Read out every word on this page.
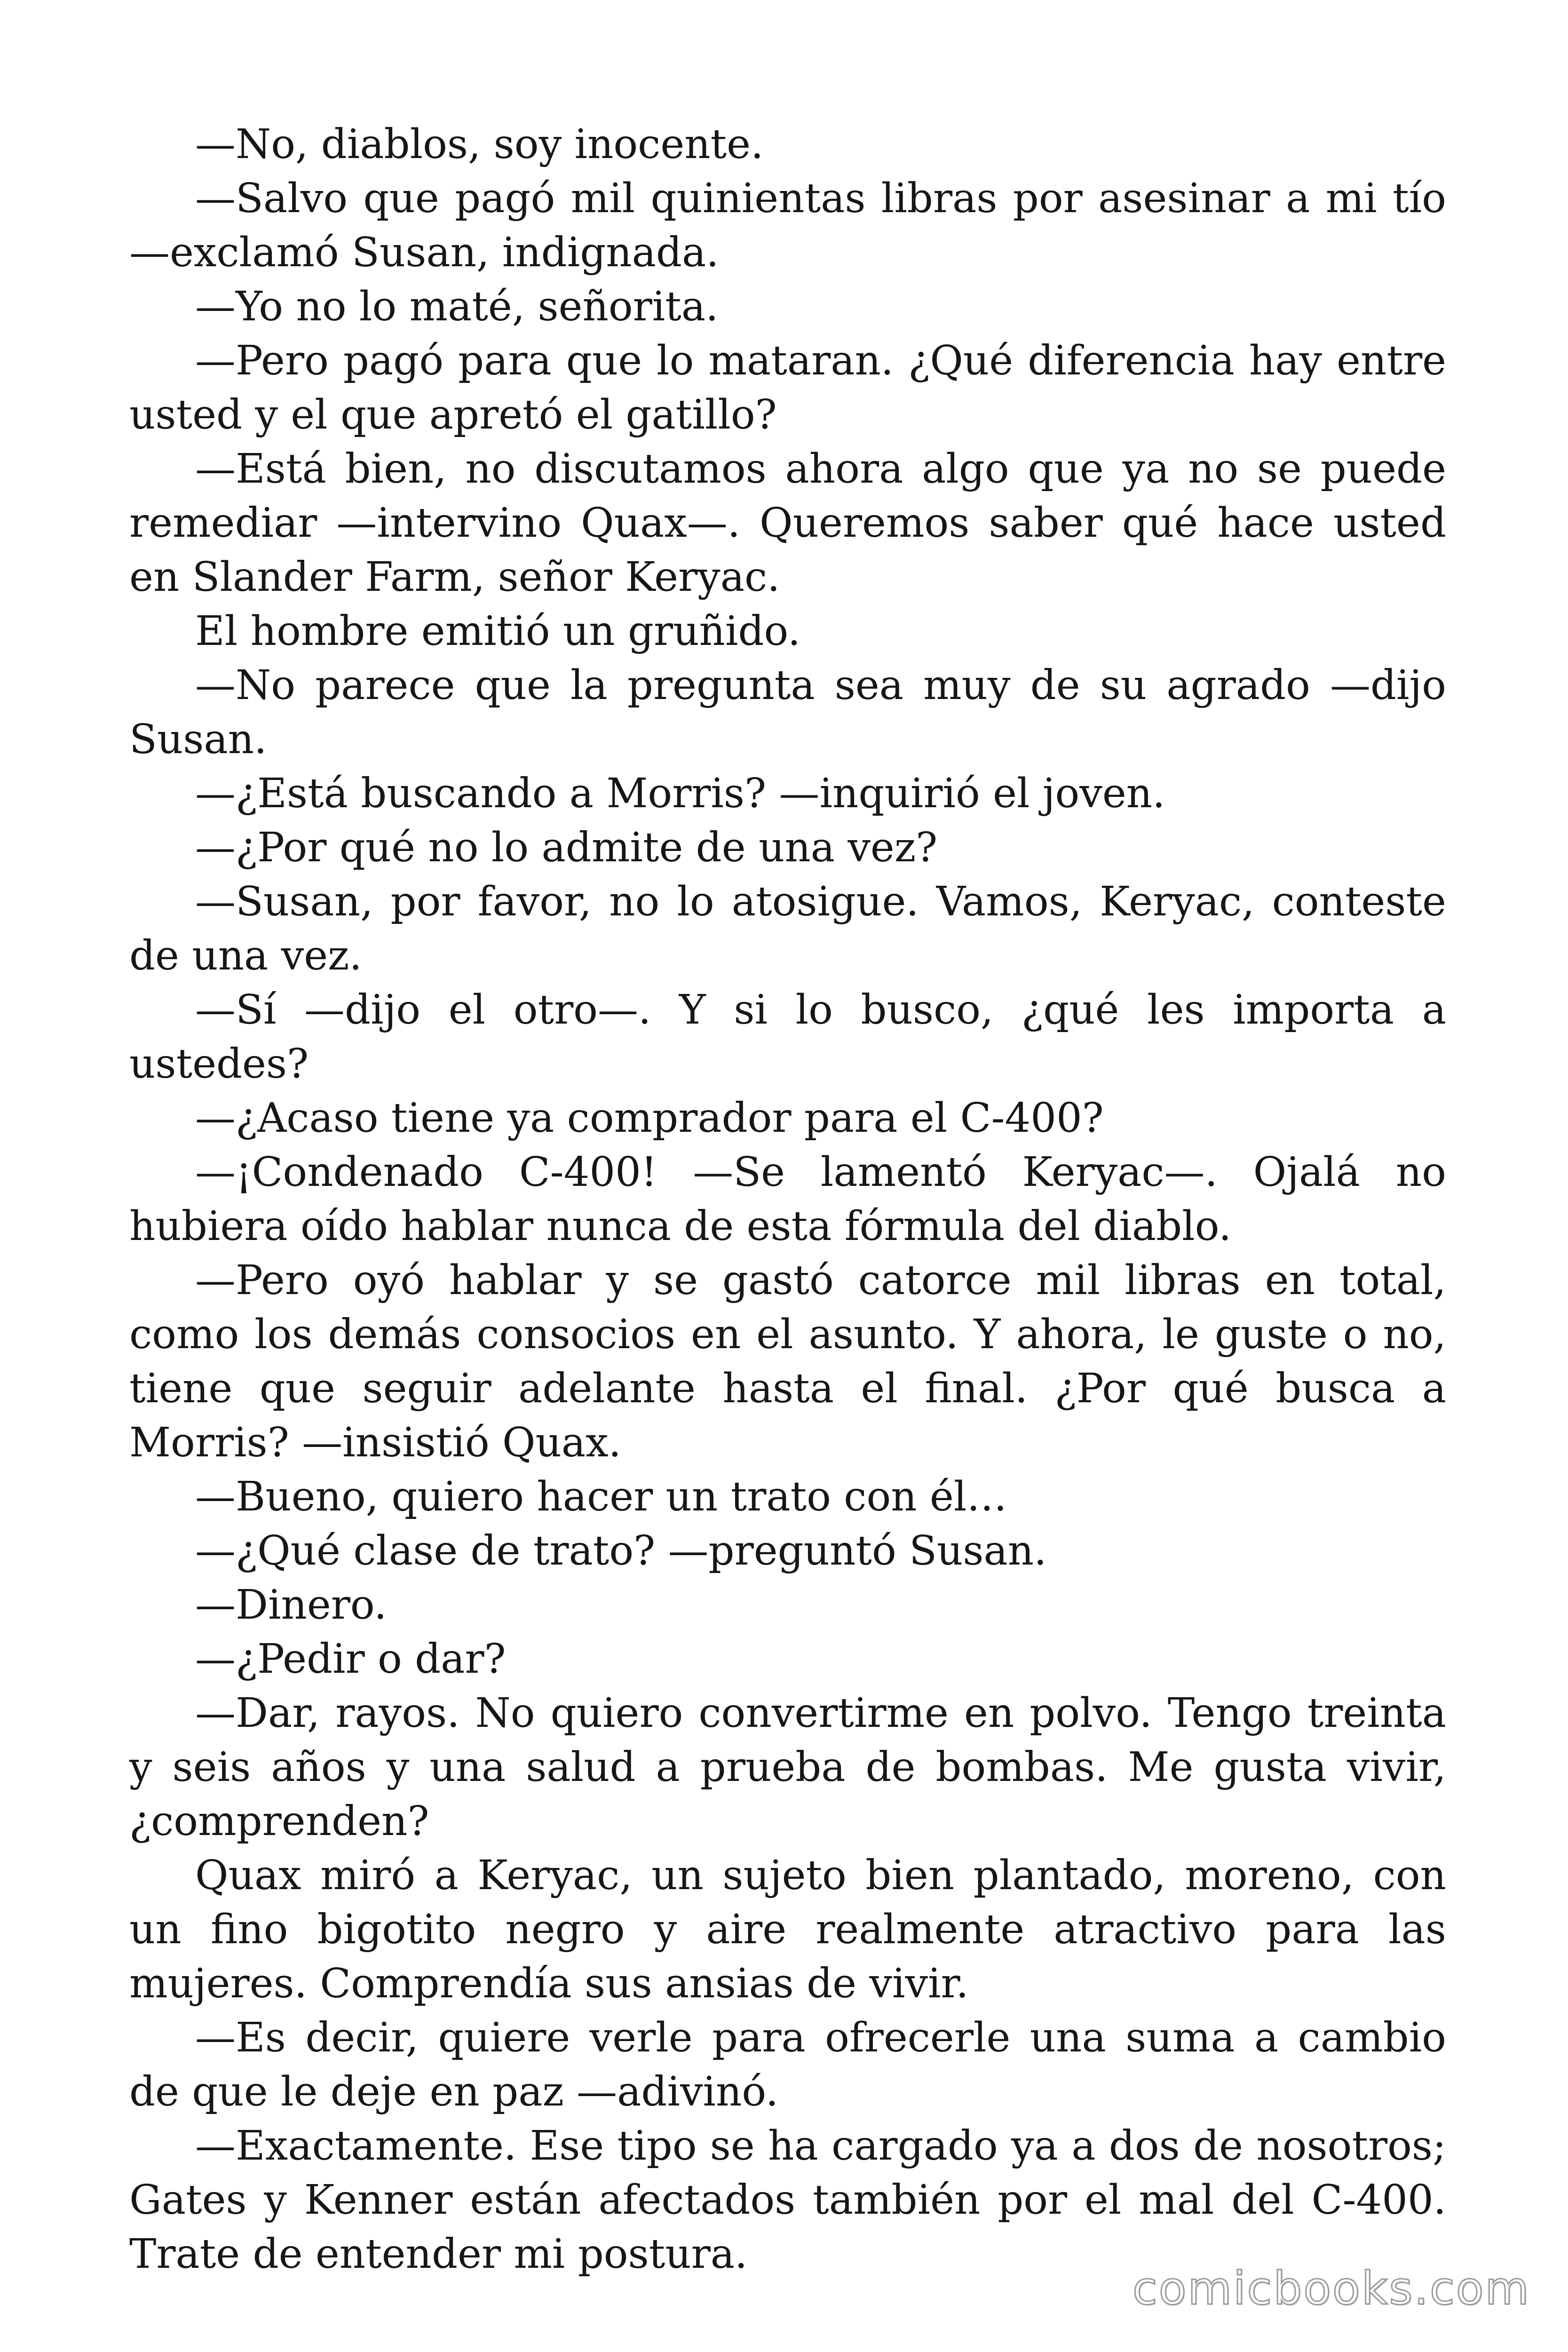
—No, diablos, soy inocente.

—Salvo que pagó mil quinientas libras por asesinar a mi tío —exclamó Susan, indignada.

—Yo no lo maté, señorita.

—Pero pagó para que lo mataran. ¿Qué diferencia hay entre usted y el que apretó el gatillo?

—Está bien, no discutamos ahora algo que ya no se puede remediar —intervino Quax—. Queremos saber qué hace usted en Slander Farm, señor Keryac.

El hombre emitió un gruñido.

—No parece que la pregunta sea muy de su agrado —dijo Susan.

—¿Está buscando a Morris? —inquirió el joven.

—¿Por qué no lo admite de una vez?

—Susan, por favor, no lo atosigue. Vamos, Keryac, conteste de una vez.

—Sí —dijo el otro—. Y si lo busco, ¿qué les importa a ustedes?

—¿Acaso tiene ya comprador para el C-400?

—¡Condenado C-400! —Se lamentó Keryac—. Ojalá no hubiera oído hablar nunca de esta fórmula del diablo.

—Pero oyó hablar y se gastó catorce mil libras en total, como los demás consocios en el asunto. Y ahora, le guste o no, tiene que seguir adelante hasta el final. ¿Por qué busca a Morris? —insistió Quax.

—Bueno, quiero hacer un trato con él…

—¿Qué clase de trato? —preguntó Susan.

—Dinero.

—¿Pedir o dar?

—Dar, rayos. No quiero convertirme en polvo. Tengo treinta y seis años y una salud a prueba de bombas. Me gusta vivir, ¿comprenden?

Quax miró a Keryac, un sujeto bien plantado, moreno, con un fino bigotito negro y aire realmente atractivo para las mujeres. Comprendía sus ansias de vivir.

—Es decir, quiere verle para ofrecerle una suma a cambio de que le deje en paz —adivinó.

—Exactamente. Ese tipo se ha cargado ya a dos de nosotros; Gates y Kenner están afectados también por el mal del C-400. Trate de entender mi postura.

comicbooks.com
